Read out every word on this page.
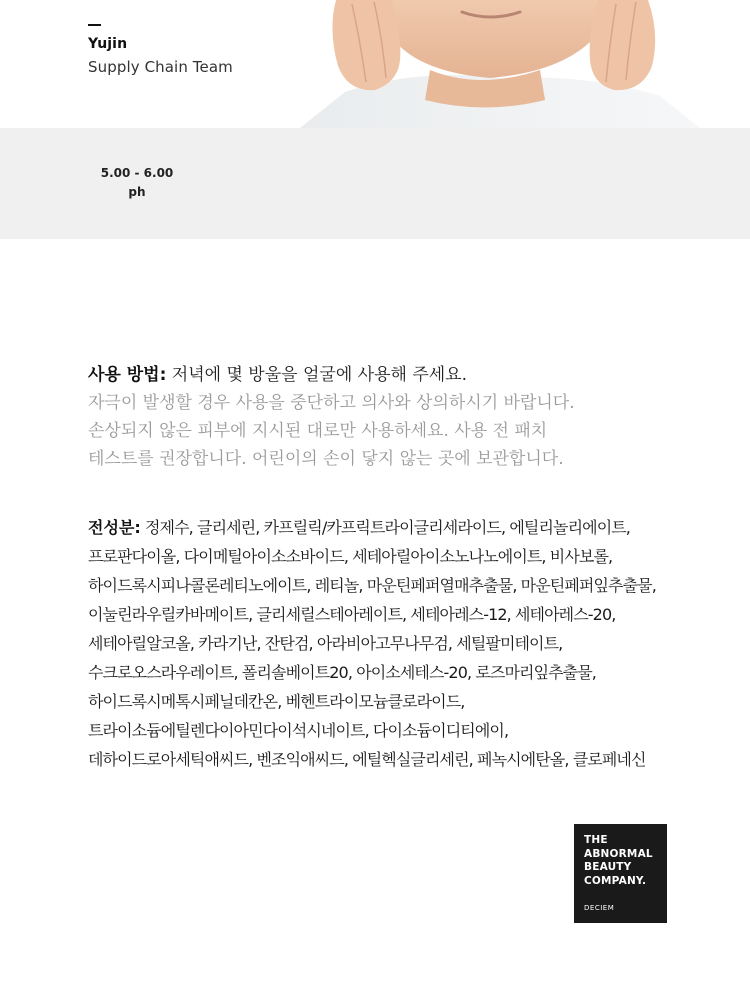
Yujin
Supply Chain Team
5.00 - 6.00
ph
사용 방법: 저녁에 몇 방울을 얼굴에 사용해 주세요.
자극이 발생할 경우 사용을 중단하고 의사와 상의하시기 바랍니다.
손상되지 않은 피부에 지시된 대로만 사용하세요. 사용 전 패치
테스트를 권장합니다. 어린이의 손이 닿지 않는 곳에 보관합니다.
전성분: 정제수, 글리세린, 카프릴릭/카프릭트라이글리세라이드, 에틸리놀리에이트, 프로판다이올, 다이메틸아이소소바이드, 세테아릴아이소노나노에이트, 비사보롤, 하이드록시피나콜론레티노에이트, 레티놀, 마운틴페퍼열매추출물, 마운틴페퍼잎추출물, 이눌린라우릴카바메이트, 글리세릴스테아레이트, 세테아레스-12, 세테아레스-20, 세테아릴알코올, 카라기난, 잔탄검, 아라비아고무나무검, 세틸팔미테이트, 수크로오스라우레이트, 폴리솔베이트20, 아이소세테스-20, 로즈마리잎추출물, 하이드록시메톡시페닐데칸온, 베헨트라이모늄클로라이드, 트라이소듐에틸렌다이아민다이석시네이트, 다이소듐이디티에이, 데하이드로아세틱애씨드, 벤조익애씨드, 에틸헥실글리세린, 페녹시에탄올, 클로페네신
THE
ABNORMAL
BEAUTY
COMPANY.
DECIEM
